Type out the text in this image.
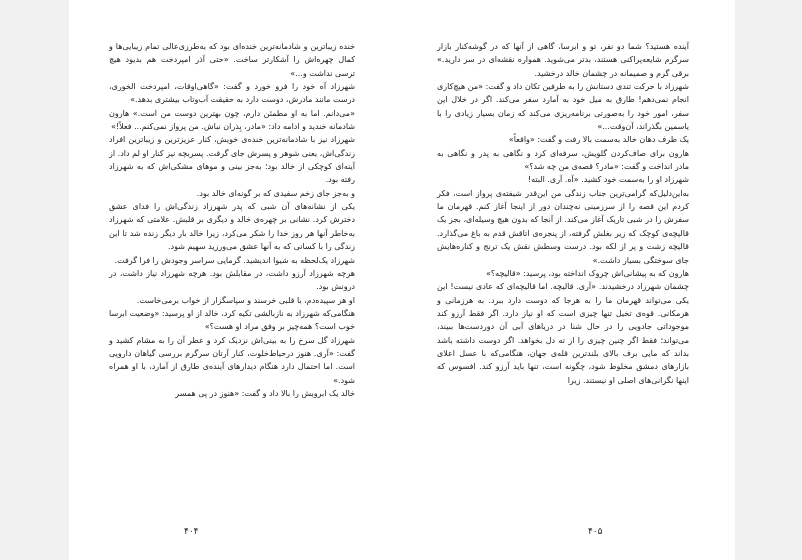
خنده زیباترین و شادمانه‌ترین خنده‌ای بود که به‌طرزی‌عالی تمام زیبایی‌ها و کمال چهره‌اش را آشکارتر ساخت. «حتی آذر امپردخت هم بدیود هیچ ترسی نداشت و...»

شهرزاد آه خود را فرو خورد و گفت: «گاهی‌اوقات، امپردخت الخوری، درست مانند مادرش، دوست دارد به حقیقت آب‌وتاب بیشتری بدهد.»

«می‌دانم. اما به او مطمئن دارم، چون بهترین دوست من است.» هارون شادمانه خندید و ادامه داد: «مادر، بِذران نباش. من پرواز نمی‌کنم... فعلاً!»

شهرزاد نیز با شادمانه‌ترین خنده‌ی خویش، کنار عزیزترین و زیباترین افراد زندگی‌اش، یعنی شوهر و پسرش جای گرفت. پسربچه نیز کنار او لم داد. از آینه‌ای کوچکی از خالد بود؛ به‌جز بینی و موهای مشکی‌اش که به شهرزاد رفته بود.

و به‌جز جای زخم سفیدی که بر گونه‌ای خالد بود.

یکی از نشانه‌های آن شبی که پدر شهرزاد زندگی‌اش را فدای عشق دخترش کرد. نشانی بر چهره‌ی خالد و دیگری بر قلبش. علامتی که شهرزاد به‌خاطر آنها هر روز خدا را شکر می‌کرد، زیرا خالد بار دیگر زنده شد تا این زندگی را با کسانی که به آنها عشق می‌ورزید سهیم شود.

شهرزاد یک‌لحظه به شیوا اندیشید. گرمایی سراسر وجودش را فرا گرفت.

هرچه شهرزاد آرزو داشت، در مقابلش بود. هرچه شهرزاد نیاز داشت، در درونش بود.

او هر سپیده‌دم، با قلبی خرسند و سپاسگزار از خواب برمی‌خاست.

هنگامی‌که شهرزاد به نازبالشی تکیه کرد، خالد از او پرسید: «وضعیت ابرسا خوب است؟ همه‌چیز بر وفق مراد او هست؟»

شهرزاد گل سرخ را به بینی‌اش نزدیک کرد و عطر آن را به مشام کشید و گفت: «آری. هنوز درحیاط‌خلوت، کنار آرتان سرگرم بررسی گیاهان دارویی است. اما احتمال دارد هنگام دیدارهای آینده‌ی طارق از آمارد، با او همراه شود.»

خالد یک ابرویش را بالا داد و گفت: «هنوز در پی همسر

۴۰۴

آینده هستید؟ شما دو نفر، تو و ابرسا، گاهی از آنها که در گوشه‌کنار بازار سرگرم شایعه‌پراکنی هستند، بدتر می‌شوید. همواره نقشه‌ای در سر دارید.» برقی گرم و صمیمانه در چشمان خالد درخشید.

شهرزاد با حرکت تندی دستانش را به طرفین تکان داد و گفت: «من هیچ‌کاری انجام نمی‌دهم! طارق به میل خود به آمارد سفر می‌کند. اگر در خلال این سفر، امور خود را به‌صورتی برنامه‌ریزی می‌کند که زمان بسیار زیادی را با یاسمین بگذراند، آن‌وقت...»

یک طرف دهان خالد به‌سمت بالا رفت و گفت: «واقعاً»

هارون برای صاف‌کردن گلویش، سرفه‌ای کرد و نگاهی به پدر و نگاهی به مادر انداخت و گفت: «مادر؟ قصه‌ی من چه شد؟»

شهرزاد او را به‌سمت خود کشید. «آه. آری. البته!

به‌این‌دلیل‌که گرامی‌ترین جناب زندگی من این‌قدر شیفته‌ی پرواز است، فکر کردم این قصه را از سرزمینی نه‌چندان دور از اینجا آغاز کنم. قهرمان ما سفرش را در شبی تاریک آغاز می‌کند. از آنجا که بدون هیچ وسیله‌ای، بجز یک قالیچه‌ی کوچک که زیر بغلش گرفته، از پنجره‌ی اتاقش قدم به باغ می‌گذارد. قالیچه زشت و پر از لکه بود. درست وسطش نقش یک ترنج و کناره‌هایش جای سوختگی بسیار داشت.»

هارون که به پیشانی‌اش چروک انداخته بود، پرسید: «قالیچه؟»

چشمان شهرزاد درخشیدند. «آری. قالیچه. اما قالیچه‌ای که عادی نیست! این یکی می‌تواند قهرمان ما را به هرجا که دوست دارد ببرد. به هرزمانی و هرمکانی. قوه‌ی تخیل تنها چیزی است که او نیاز دارد. اگر فقط آرزو کند موجوداتی جادویی را در حال شنا در دریاهای آبی آن دوردست‌ها ببیند، می‌تواند؛ فقط اگر چنین چیزی را از ته دل بخواهد. اگر دوست داشته باشد بداند که مایی برف بالای بلندترین قله‌ی جهان، هنگامی‌که با عسل اعلای بازارهای دمشق مخلوط شود، چگونه است، تنها باید آرزو کند. افسوس که اینها نگرانی‌های اصلی او نیستند. زیرا

۴۰۵
